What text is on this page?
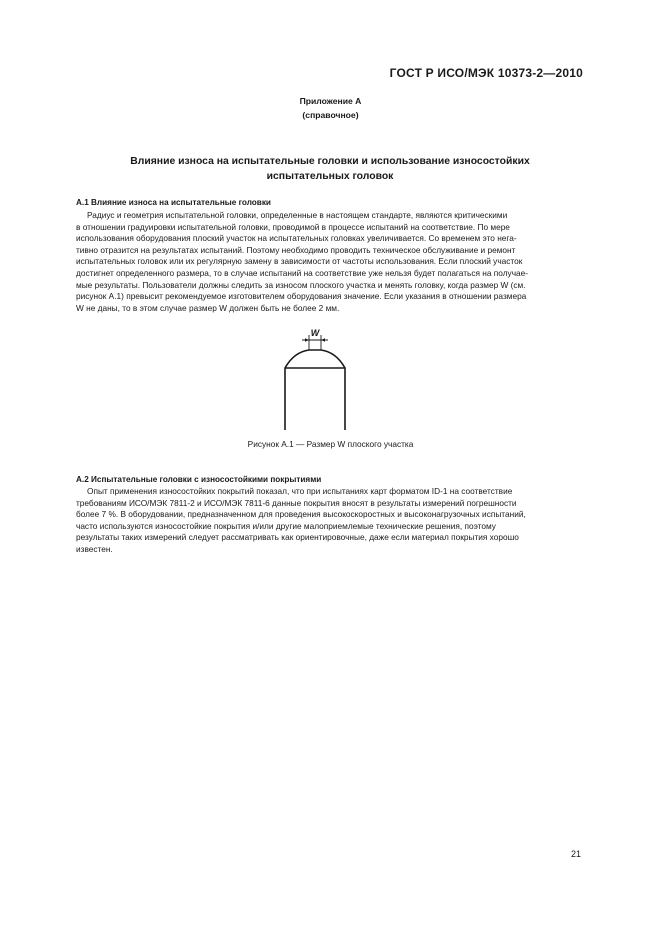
ГОСТ Р ИСО/МЭК 10373-2—2010
Приложение А
(справочное)
Влияние износа на испытательные головки и использование износостойких
испытательных головок
А.1 Влияние износа на испытательные головки

Радиус и геометрия испытательной головки, определенные в настоящем стандарте, являются критическими

в отношении градуировки испытательной головки, проводимой в процессе испытаний на соответствие. По мере

использования оборудования плоский участок на испытательных головках увеличивается. Со временем это нега-

тивно отразится на результатах испытаний. Поэтому необходимо проводить техническое обслуживание и ремонт

испытательных головок или их регулярную замену в зависимости от частоты использования. Если плоский участок

достигнет определенного размера, то в случае испытаний на соответствие уже нельзя будет полагаться на получае-

мые результаты. Пользователи должны следить за износом плоского участка и менять головку, когда размер W (см.

рисунок А.1) превысит рекомендуемое изготовителем оборудования значение. Если указания в отношении размера

W не даны, то в этом случае размер W должен быть не более 2 мм.

W
Рисунок А.1 — Размер W плоского участка
А.2 Испытательные головки с износостойкими покрытиями

Опыт применения износостойких покрытий показал, что при испытаниях карт форматом ID-1 на соответствие

требованиям ИСО/МЭК 7811-2 и ИСО/МЭК 7811-6 данные покрытия вносят в результаты измерений погрешности

более 7 %. В оборудовании, предназначенном для проведения высокоскоростных и высоконагрузочных испытаний,

часто используются износостойкие покрытия и/или другие малоприемлемые технические решения, поэтому

результаты таких измерений следует рассматривать как ориентировочные, даже если материал покрытия хорошо

известен.

21
